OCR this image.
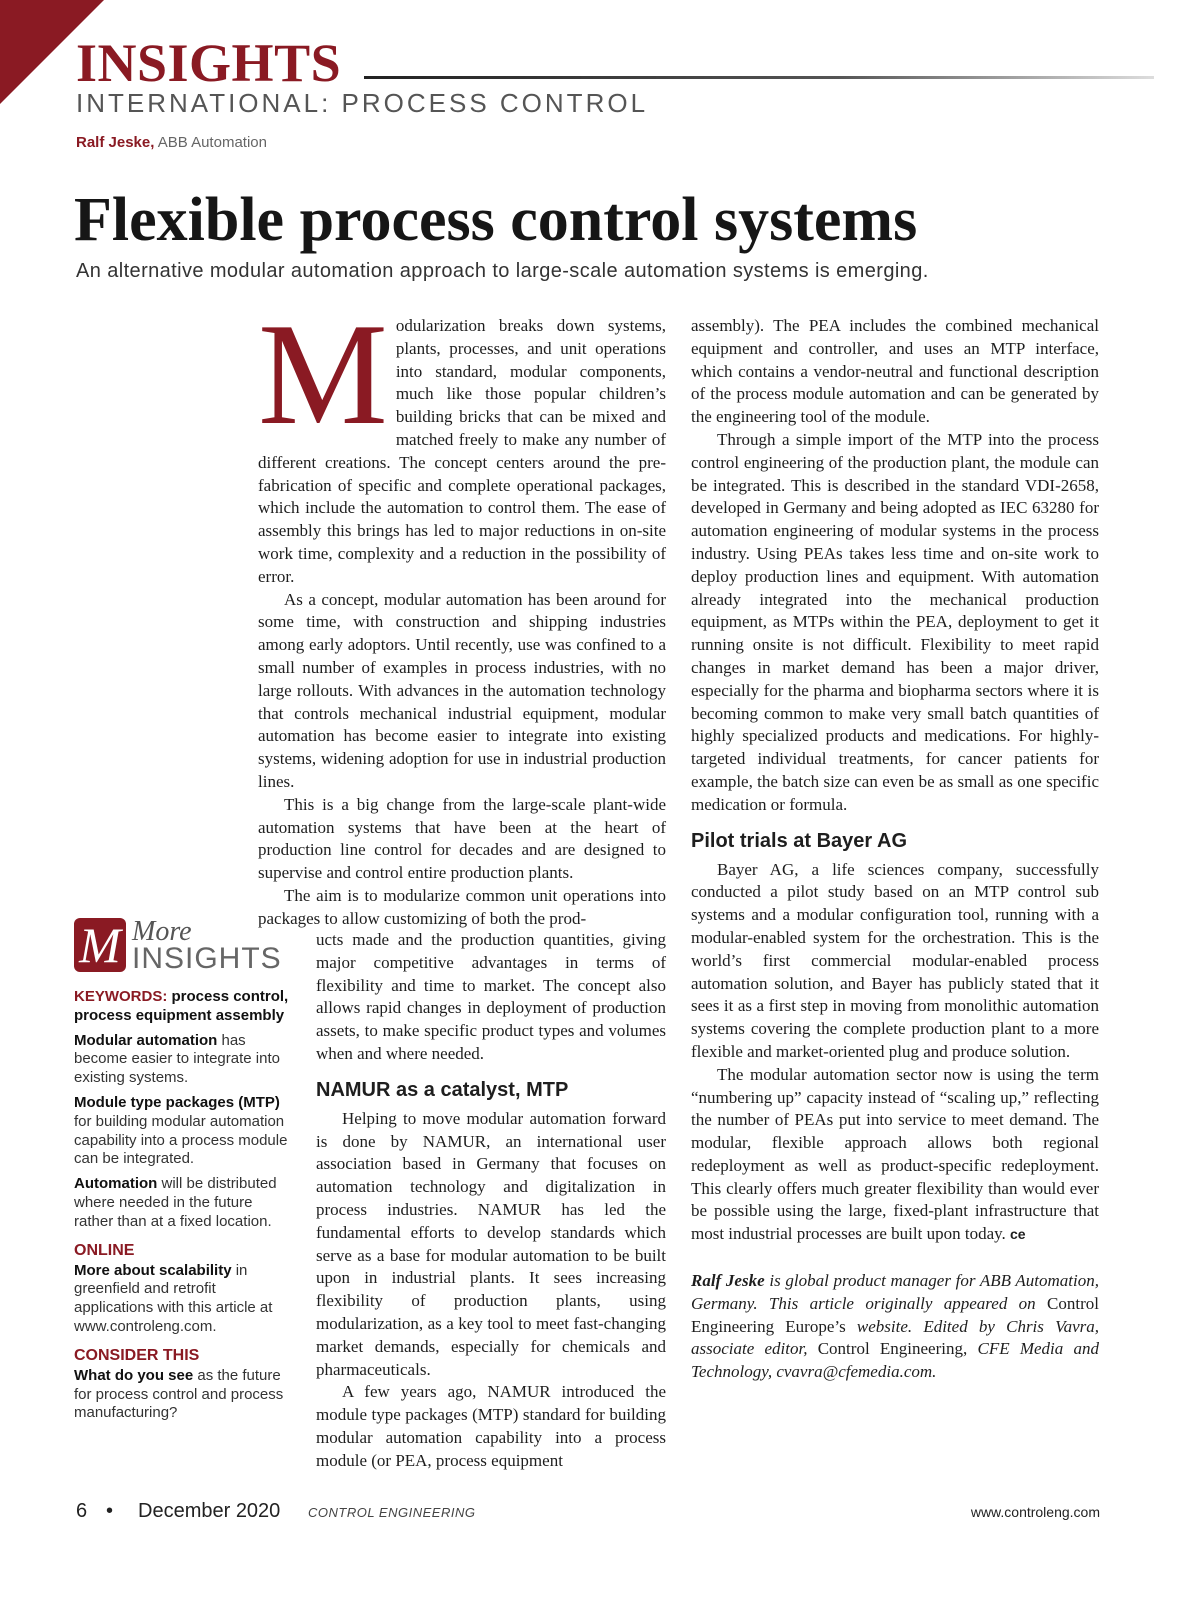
INSIGHTS
INTERNATIONAL: PROCESS CONTROL
Ralf Jeske, ABB Automation
Flexible process control systems
An alternative modular automation approach to large-scale automation systems is emerging.

Modularization breaks down systems, plants, processes, and unit operations into standard, modular components, much like those popular children’s building bricks that can be mixed and matched freely to make any number of different creations. The concept centers around the pre-fabrication of specific and complete operational packages, which include the automation to control them. The ease of assembly this brings has led to major reductions in on-site work time, complexity and a reduction in the possibility of error.

As a concept, modular automation has been around for some time, with construction and shipping industries among early adoptors. Until recently, use was confined to a small number of examples in process industries, with no large rollouts. With advances in the automation technology that controls mechanical industrial equipment, modular automation has become easier to integrate into existing systems, widening adoption for use in industrial production lines.

This is a big change from the large-scale plant-wide automation systems that have been at the heart of production line control for decades and are designed to supervise and control entire production plants.

The aim is to modularize common unit operations into packages to allow customizing of both the prod-

ucts made and the production quantities, giving major competitive advantages in terms of flexibility and time to market. The concept also allows rapid changes in deployment of production assets, to make specific product types and volumes when and where needed.

NAMUR as a catalyst, MTP

Helping to move modular automation forward is done by NAMUR, an international user association based in Germany that focuses on automation technology and digitalization in process industries. NAMUR has led the fundamental efforts to develop standards which serve as a base for modular automation to be built upon in industrial plants. It sees increasing flexibility of production plants, using modularization, as a key tool to meet fast-changing market demands, especially for chemicals and pharmaceuticals.

A few years ago, NAMUR introduced the module type packages (MTP) standard for building modular automation capability into a process module (or PEA, process equipment

assembly). The PEA includes the combined mechanical equipment and controller, and uses an MTP interface, which contains a vendor-neutral and functional description of the process module automation and can be generated by the engineering tool of the module.

Through a simple import of the MTP into the process control engineering of the production plant, the module can be integrated. This is described in the standard VDI-2658, developed in Germany and being adopted as IEC 63280 for automation engineering of modular systems in the process industry. Using PEAs takes less time and on-site work to deploy production lines and equipment. With automation already integrated into the mechanical production equipment, as MTPs within the PEA, deployment to get it running onsite is not difficult. Flexibility to meet rapid changes in market demand has been a major driver, especially for the pharma and biopharma sectors where it is becoming common to make very small batch quantities of highly specialized products and medications. For highly-targeted individual treatments, for cancer patients for example, the batch size can even be as small as one specific medication or formula.

Pilot trials at Bayer AG

Bayer AG, a life sciences company, successfully conducted a pilot study based on an MTP control sub systems and a modular configuration tool, running with a modular-enabled system for the orchestration. This is the world’s first commercial modular-enabled process automation solution, and Bayer has publicly stated that it sees it as a first step in moving from monolithic automation systems covering the complete production plant to a more flexible and market-oriented plug and produce solution.

The modular automation sector now is using the term “numbering up” capacity instead of “scaling up,” reflecting the number of PEAs put into service to meet demand. The modular, flexible approach allows both regional redeployment as well as product-specific redeployment. This clearly offers much greater flexibility than would ever be possible using the large, fixed-plant infrastructure that most industrial processes are built upon today. ce

Ralf Jeske is global product manager for ABB Automation, Germany. This article originally appeared on Control Engineering Europe’s website. Edited by Chris Vavra, associate editor, Control Engineering, CFE Media and Technology, cvavra@cfemedia.com.

M More
INSIGHTS
KEYWORDS: process control, process equipment assembly
Modular automation has become easier to integrate into existing systems.
Module type packages (MTP) for building modular automation capability into a process module can be integrated.
Automation will be distributed where needed in the future rather than at a fixed location.
ONLINE
More about scalability in greenfield and retrofit applications with this article at www.controleng.com.
CONSIDER THIS
What do you see as the future for process control and process manufacturing?
6 • December 2020 CONTROL ENGINEERING	www.controleng.com
